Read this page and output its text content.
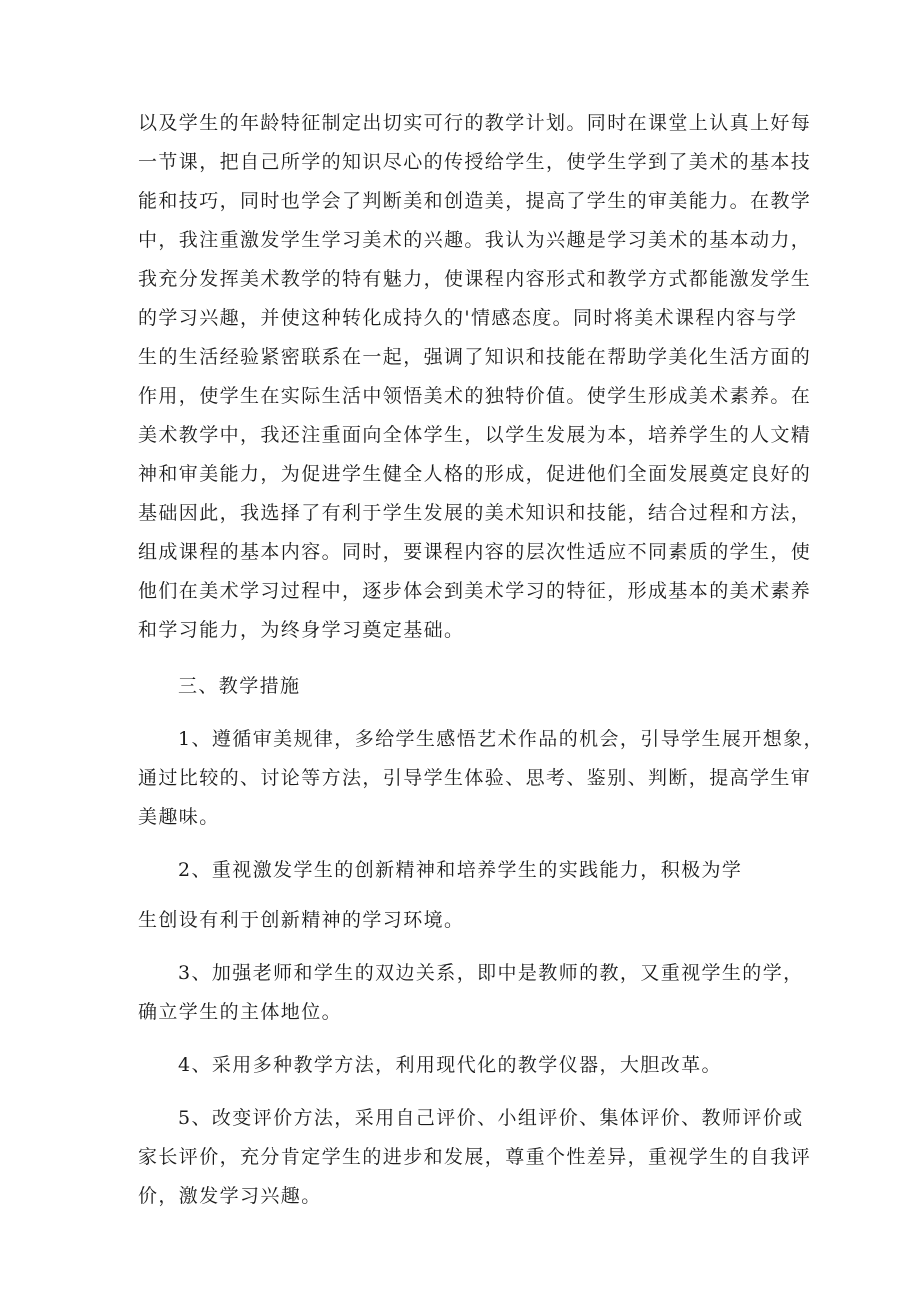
以及学生的年龄特征制定出切实可行的教学计划。同时在课堂上认真上好每
一节课，把自己所学的知识尽心的传授给学生，使学生学到了美术的基本技
能和技巧，同时也学会了判断美和创造美，提高了学生的审美能力。在教学
中，我注重激发学生学习美术的兴趣。我认为兴趣是学习美术的基本动力，
我充分发挥美术教学的特有魅力，使课程内容形式和教学方式都能激发学生
的学习兴趣，并使这种转化成持久的'情感态度。同时将美术课程内容与学
生的生活经验紧密联系在一起，强调了知识和技能在帮助学美化生活方面的
作用，使学生在实际生活中领悟美术的独特价值。使学生形成美术素养。在
美术教学中，我还注重面向全体学生，以学生发展为本，培养学生的人文精
神和审美能力，为促进学生健全人格的形成，促进他们全面发展奠定良好的
基础因此，我选择了有利于学生发展的美术知识和技能，结合过程和方法，
组成课程的基本内容。同时，要课程内容的层次性适应不同素质的学生，使
他们在美术学习过程中，逐步体会到美术学习的特征，形成基本的美术素养
和学习能力，为终身学习奠定基础。
三、教学措施
1、遵循审美规律，多给学生感悟艺术作品的机会，引导学生展开想象，
通过比较的、讨论等方法，引导学生体验、思考、鉴别、判断，提高学生审
美趣味。
2、重视激发学生的创新精神和培养学生的实践能力，积极为学
生创设有利于创新精神的学习环境。
3、加强老师和学生的双边关系，即中是教师的教，又重视学生的学，
确立学生的主体地位。
4、采用多种教学方法，利用现代化的教学仪器，大胆改革。
5、改变评价方法，采用自己评价、小组评价、集体评价、教师评价或
家长评价，充分肯定学生的进步和发展，尊重个性差异，重视学生的自我评
价，激发学习兴趣。
